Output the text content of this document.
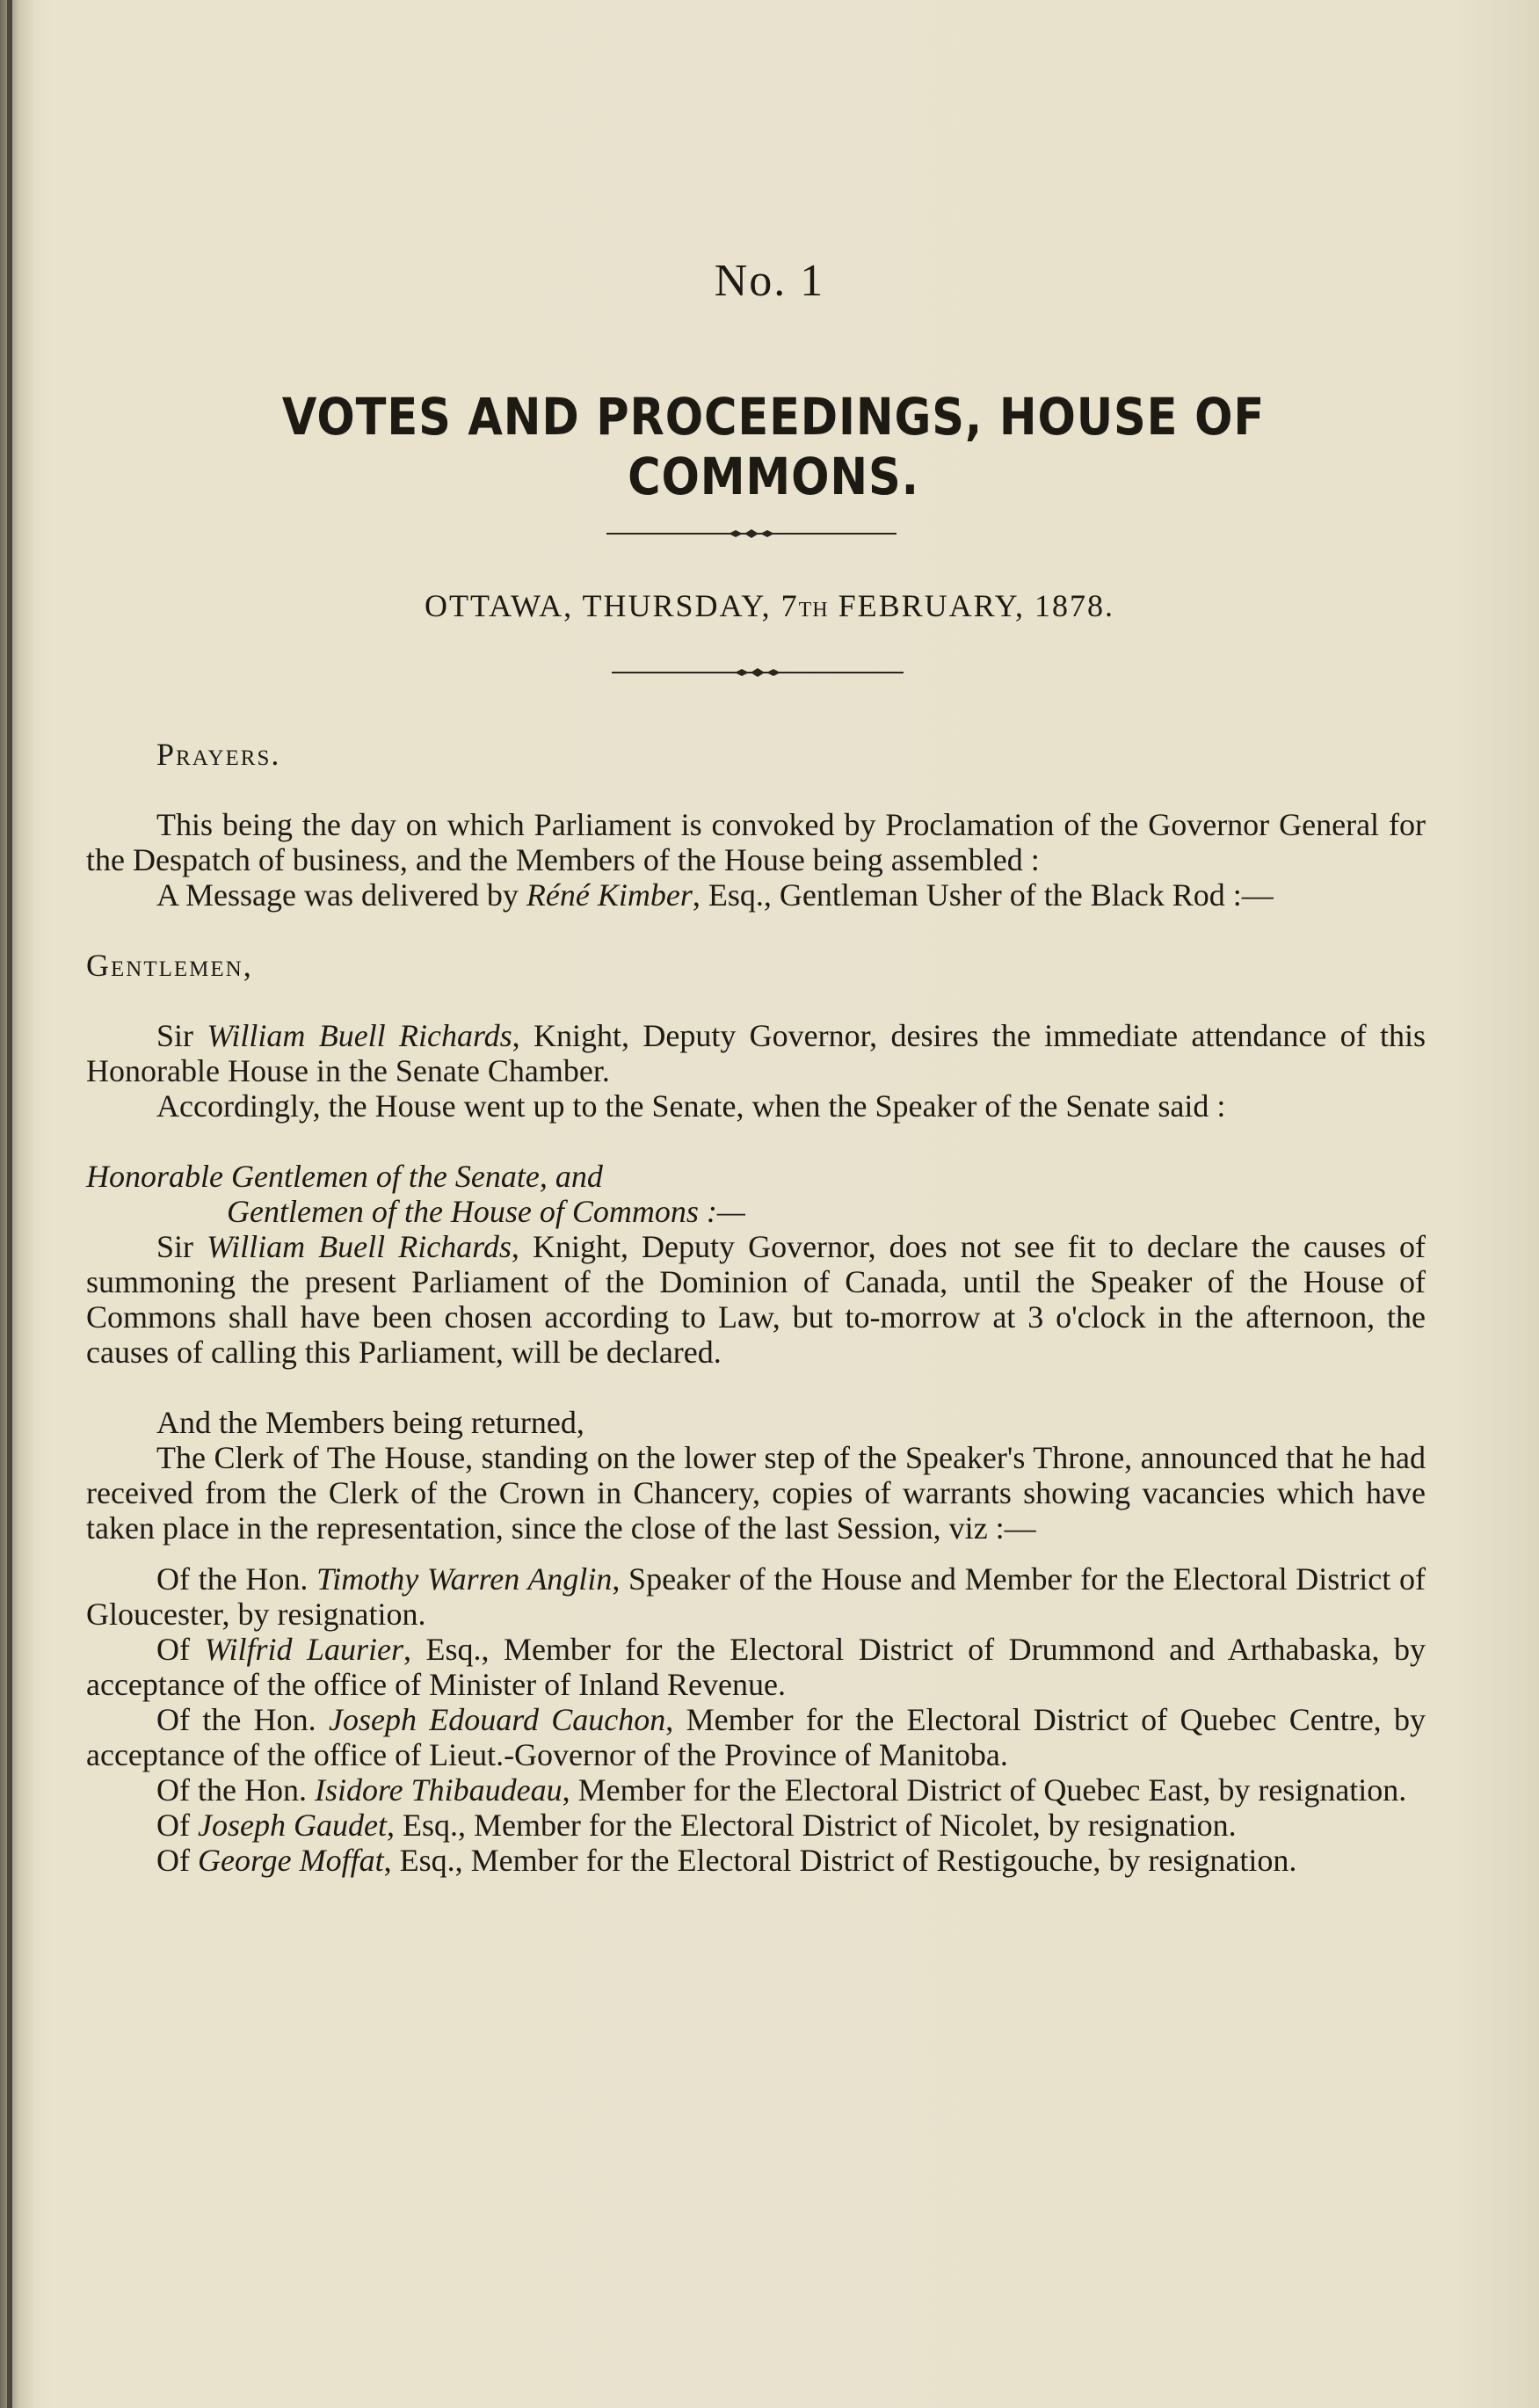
No. 1
VOTES AND PROCEEDINGS, HOUSE OF COMMONS.
OTTAWA, THURSDAY, 7TH FEBRUARY, 1878.

Prayers.

This being the day on which Parliament is convoked by Proclamation of the Governor General for the Despatch of business, and the Members of the House being assembled :

A Message was delivered by Réné Kimber, Esq., Gentleman Usher of the Black Rod :—

Gentlemen,

Sir William Buell Richards, Knight, Deputy Governor, desires the immediate attendance of this Honorable House in the Senate Chamber.

Accordingly, the House went up to the Senate, when the Speaker of the Senate said :

Honorable Gentlemen of the Senate, and

Gentlemen of the House of Commons :—

Sir William Buell Richards, Knight, Deputy Governor, does not see fit to declare the causes of summoning the present Parliament of the Dominion of Canada, until the Speaker of the House of Commons shall have been chosen according to Law, but to-morrow at 3 o'clock in the afternoon, the causes of calling this Parliament, will be declared.

And the Members being returned,

The Clerk of The House, standing on the lower step of the Speaker's Throne, announced that he had received from the Clerk of the Crown in Chancery, copies of warrants showing vacancies which have taken place in the representation, since the close of the last Session, viz :—

Of the Hon. Timothy Warren Anglin, Speaker of the House and Member for the Electoral District of Gloucester, by resignation.

Of Wilfrid Laurier, Esq., Member for the Electoral District of Drummond and Arthabaska, by acceptance of the office of Minister of Inland Revenue.

Of the Hon. Joseph Edouard Cauchon, Member for the Electoral District of Quebec Centre, by acceptance of the office of Lieut.-Governor of the Province of Manitoba.

Of the Hon. Isidore Thibaudeau, Member for the Electoral District of Quebec East, by resignation.

Of Joseph Gaudet, Esq., Member for the Electoral District of Nicolet, by resignation.

Of George Moffat, Esq., Member for the Electoral District of Restigouche, by resignation.
